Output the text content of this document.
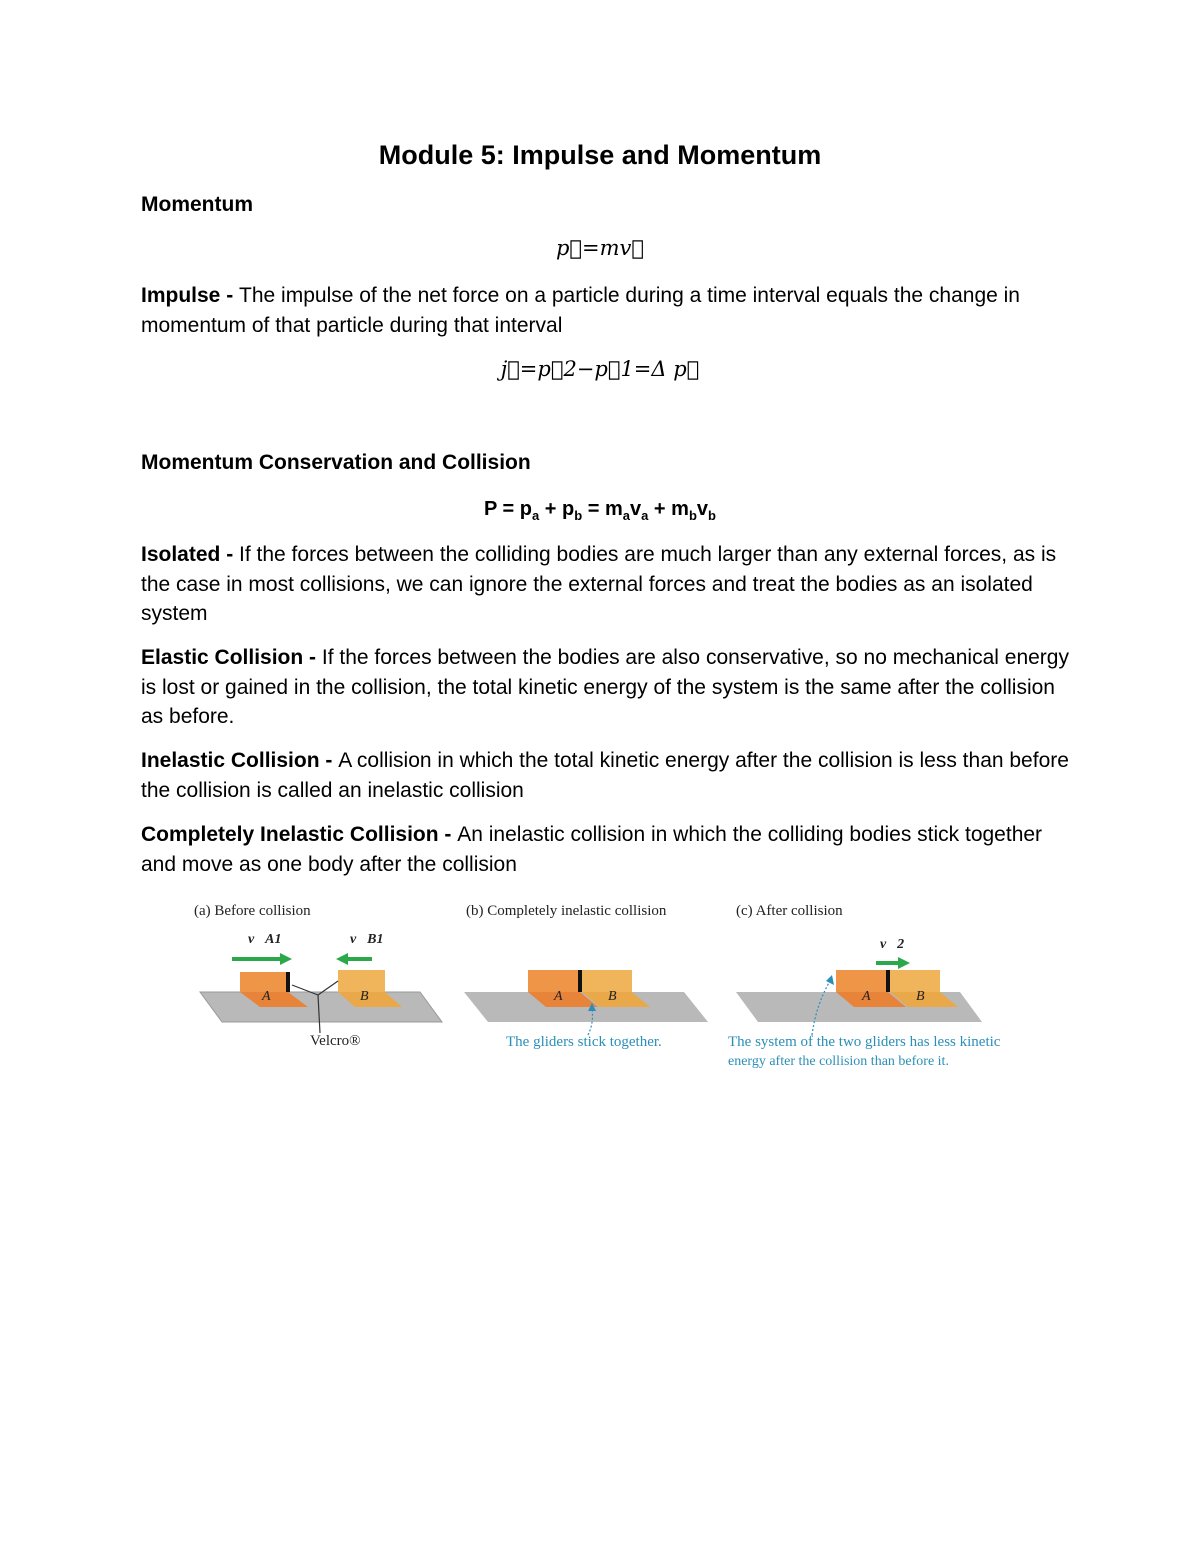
Module 5: Impulse and Momentum
Momentum
p⃗=mv⃗
Impulse - The impulse of the net force on a particle during a time interval equals the change in momentum of that particle during that interval
j⃗=p⃗2−p⃗1=Δ p⃗
Momentum Conservation and Collision
$P = p_a + p_b = m_av_a + m_bv_b$
Isolated - If the forces between the colliding bodies are much larger than any external forces, as is the case in most collisions, we can ignore the external forces and treat the bodies as an isolated system
Elastic Collision - If the forces between the bodies are also conservative, so no mechanical energy is lost or gained in the collision, the total kinetic energy of the system is the same after the collision as before.
Inelastic Collision - A collision in which the total kinetic energy after the collision is less than before the collision is called an inelastic collision
Completely Inelastic Collision - An inelastic collision in which the colliding bodies stick together and move as one body after the collision
(a) Before collision
v⃗A1	v⃗B1
A	B
Velcro®
(b) Completely inelastic collision
A	B
The gliders stick together.
(c) After collision
v⃗2
A	B
The system of the two gliders has less kinetic
energy after the collision than before it.
